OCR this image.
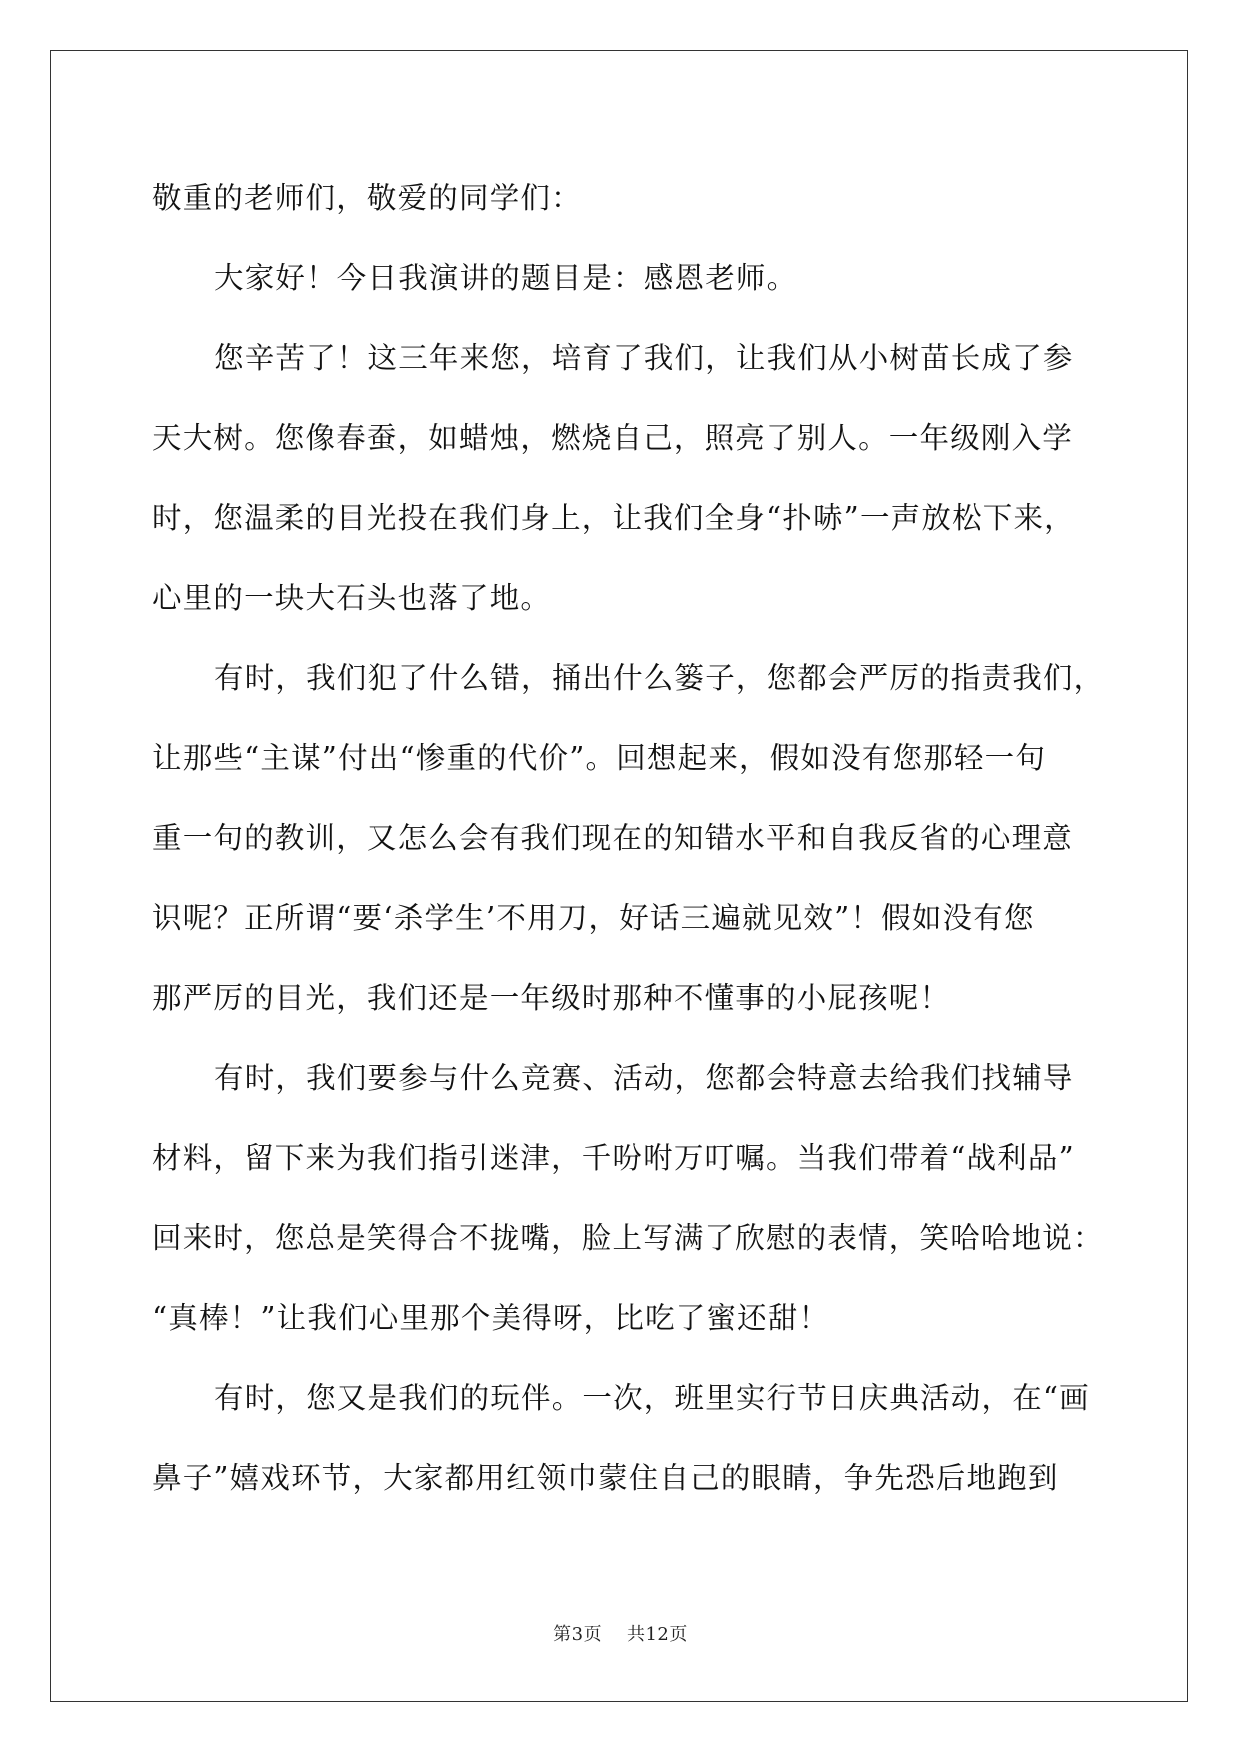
敬重的老师们，敬爱的同学们：
大家好！今日我演讲的题目是：感恩老师。
您辛苦了！这三年来您，培育了我们，让我们从小树苗长成了参
天大树。您像春蚕，如蜡烛，燃烧自己，照亮了别人。一年级刚入学
时，您温柔的目光投在我们身上，让我们全身“扑哧”一声放松下来，
心里的一块大石头也落了地。
有时，我们犯了什么错，捅出什么篓子，您都会严厉的指责我们，
让那些“主谋”付出“惨重的代价”。回想起来，假如没有您那轻一句
重一句的教训，又怎么会有我们现在的知错水平和自我反省的心理意
识呢？正所谓“要‘杀学生’不用刀，好话三遍就见效”！假如没有您
那严厉的目光，我们还是一年级时那种不懂事的小屁孩呢！
有时，我们要参与什么竞赛、活动，您都会特意去给我们找辅导
材料，留下来为我们指引迷津，千吩咐万叮嘱。当我们带着“战利品”
回来时，您总是笑得合不拢嘴，脸上写满了欣慰的表情，笑哈哈地说：
“真棒！”让我们心里那个美得呀，比吃了蜜还甜！
有时，您又是我们的玩伴。一次，班里实行节日庆典活动，在“画
鼻子”嬉戏环节，大家都用红领巾蒙住自己的眼睛，争先恐后地跑到
第3页 共12页
